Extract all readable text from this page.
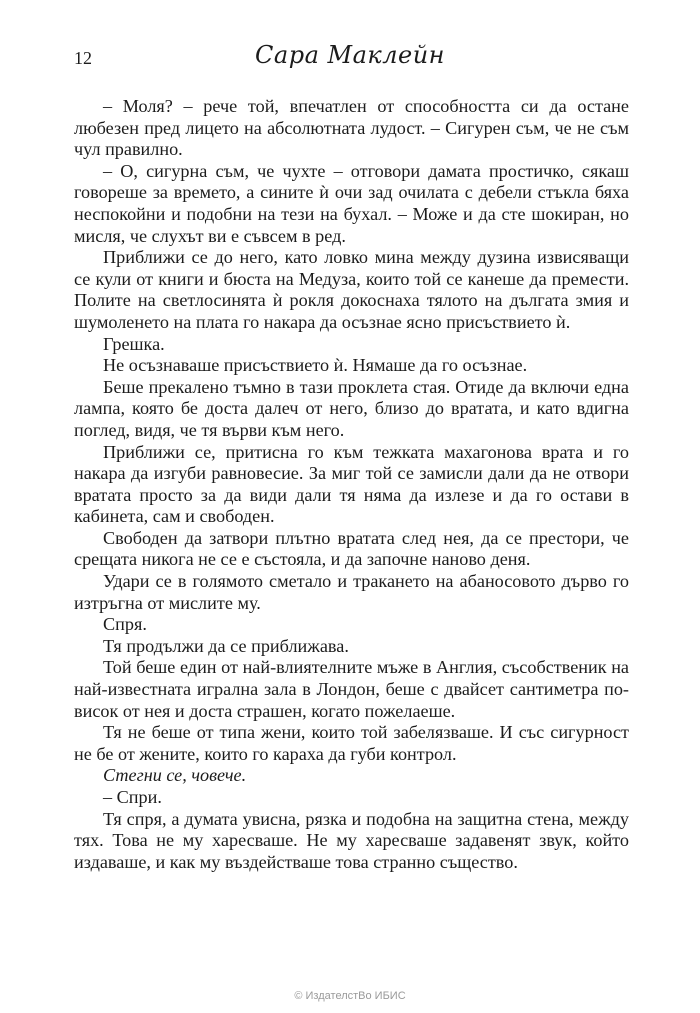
12	Сара Маклейн

– Моля? – рече той, впечатлен от способността си да остане любезен пред лицето на абсолютната лудост. – Сигурен съм, че не съм чул правилно.

– О, сигурна съм, че чухте – отговори дамата простичко, сякаш говореше за времето, а сините ѝ очи зад очилата с дебели стъкла бяха неспокойни и подобни на тези на бухал. – Може и да сте шокиран, но мисля, че слухът ви е съвсем в ред.

Приближи се до него, като ловко мина между дузина извисяващи се кули от книги и бюста на Медуза, които той се канеше да премести. Полите на светлосинята ѝ рокля докоснаха тялото на дългата змия и шумоленето на плата го накара да осъзнае ясно присъствието ѝ.

Грешка.

Не осъзнаваше присъствието ѝ. Нямаше да го осъзнае.

Беше прекалено тъмно в тази проклета стая. Отиде да включи една лампа, която бе доста далеч от него, близо до вратата, и като вдигна поглед, видя, че тя върви към него.

Приближи се, притисна го към тежката махагонова врата и го накара да изгуби равновесие. За миг той се замисли дали да не отвори вратата просто за да види дали тя няма да излезе и да го остави в кабинета, сам и свободен.

Свободен да затвори плътно вратата след нея, да се престори, че срещата никога не се е състояла, и да започне наново деня.

Удари се в голямото сметало и тракането на абаносовото дърво го изтръгна от мислите му.

Спря.

Тя продължи да се приближава.

Той беше един от най-влиятелните мъже в Англия, съсобственик на най-известната игрална зала в Лондон, беше с двайсет сантиметра по-висок от нея и доста страшен, когато пожелаеше.

Тя не беше от типа жени, които той забелязваше. И със сигурност не бе от жените, които го караха да губи контрол.

Стегни се, човече.

– Спри.

Тя спря, а думата увисна, рязка и подобна на защитна стена, между тях. Това не му харесваше. Не му харесваше задавенят звук, който издаваше, и как му въздействаше това странно същество.

© ИздателстВо ИБИС
